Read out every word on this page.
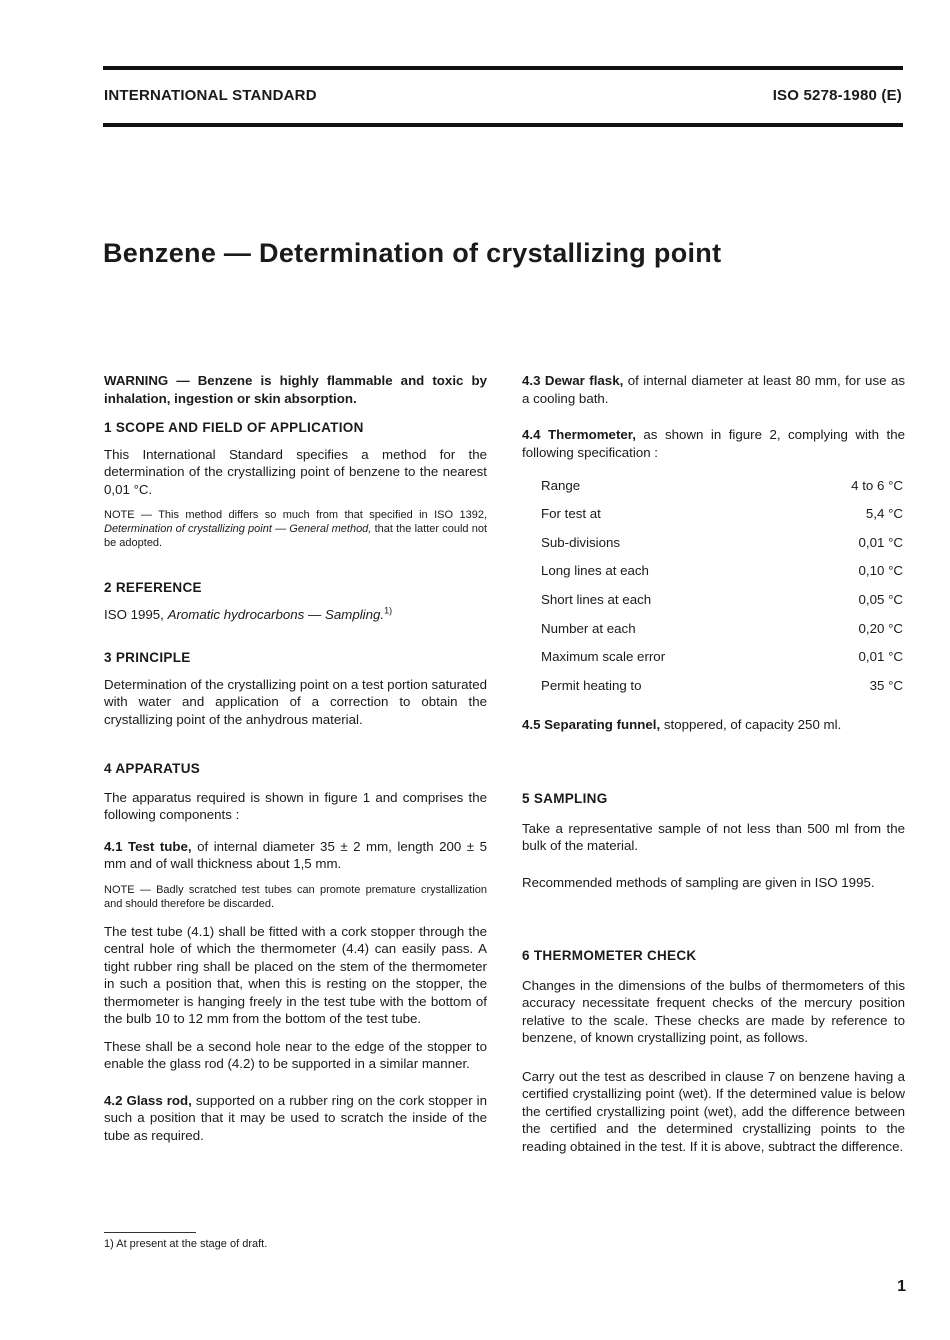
INTERNATIONAL STANDARD	ISO 5278-1980 (E)
Benzene — Determination of crystallizing point

WARNING — Benzene is highly flammable and toxic by inhalation, ingestion or skin absorption.

1 SCOPE AND FIELD OF APPLICATION

This International Standard specifies a method for the determination of the crystallizing point of benzene to the nearest 0,01 °C.

NOTE — This method differs so much from that specified in ISO 1392, Determination of crystallizing point — General method, that the latter could not be adopted.

2 REFERENCE

ISO 1995, Aromatic hydrocarbons — Sampling.$^{1)}$

3 PRINCIPLE

Determination of the crystallizing point on a test portion saturated with water and application of a correction to obtain the crystallizing point of the anhydrous material.

4 APPARATUS

The apparatus required is shown in figure 1 and comprises the following components :

4.1 Test tube, of internal diameter 35 ± 2 mm, length 200 ± 5 mm and of wall thickness about 1,5 mm.

NOTE — Badly scratched test tubes can promote premature crystallization and should therefore be discarded.

The test tube (4.1) shall be fitted with a cork stopper through the central hole of which the thermometer (4.4) can easily pass. A tight rubber ring shall be placed on the stem of the thermometer in such a position that, when this is resting on the stopper, the thermometer is hanging freely in the test tube with the bottom of the bulb 10 to 12 mm from the bottom of the test tube.

These shall be a second hole near to the edge of the stopper to enable the glass rod (4.2) to be supported in a similar manner.

4.2 Glass rod, supported on a rubber ring on the cork stopper in such a position that it may be used to scratch the inside of the tube as required.

4.3 Dewar flask, of internal diameter at least 80 mm, for use as a cooling bath.

4.4 Thermometer, as shown in figure 2, complying with the following specification :

Range	4 to 6 °C
For test at	5,4 °C
Sub-divisions	0,01 °C
Long lines at each	0,10 °C
Short lines at each	0,05 °C
Number at each	0,20 °C
Maximum scale error	0,01 °C
Permit heating to	35 °C

4.5 Separating funnel, stoppered, of capacity 250 ml.

5 SAMPLING

Take a representative sample of not less than 500 ml from the bulk of the material.

Recommended methods of sampling are given in ISO 1995.

6 THERMOMETER CHECK

Changes in the dimensions of the bulbs of thermometers of this accuracy necessitate frequent checks of the mercury position relative to the scale. These checks are made by reference to benzene, of known crystallizing point, as follows.

Carry out the test as described in clause 7 on benzene having a certified crystallizing point (wet). If the determined value is below the certified crystallizing point (wet), add the difference between the certified and the determined crystallizing points to the reading obtained in the test. If it is above, subtract the difference.

1) At present at the stage of draft.
1
